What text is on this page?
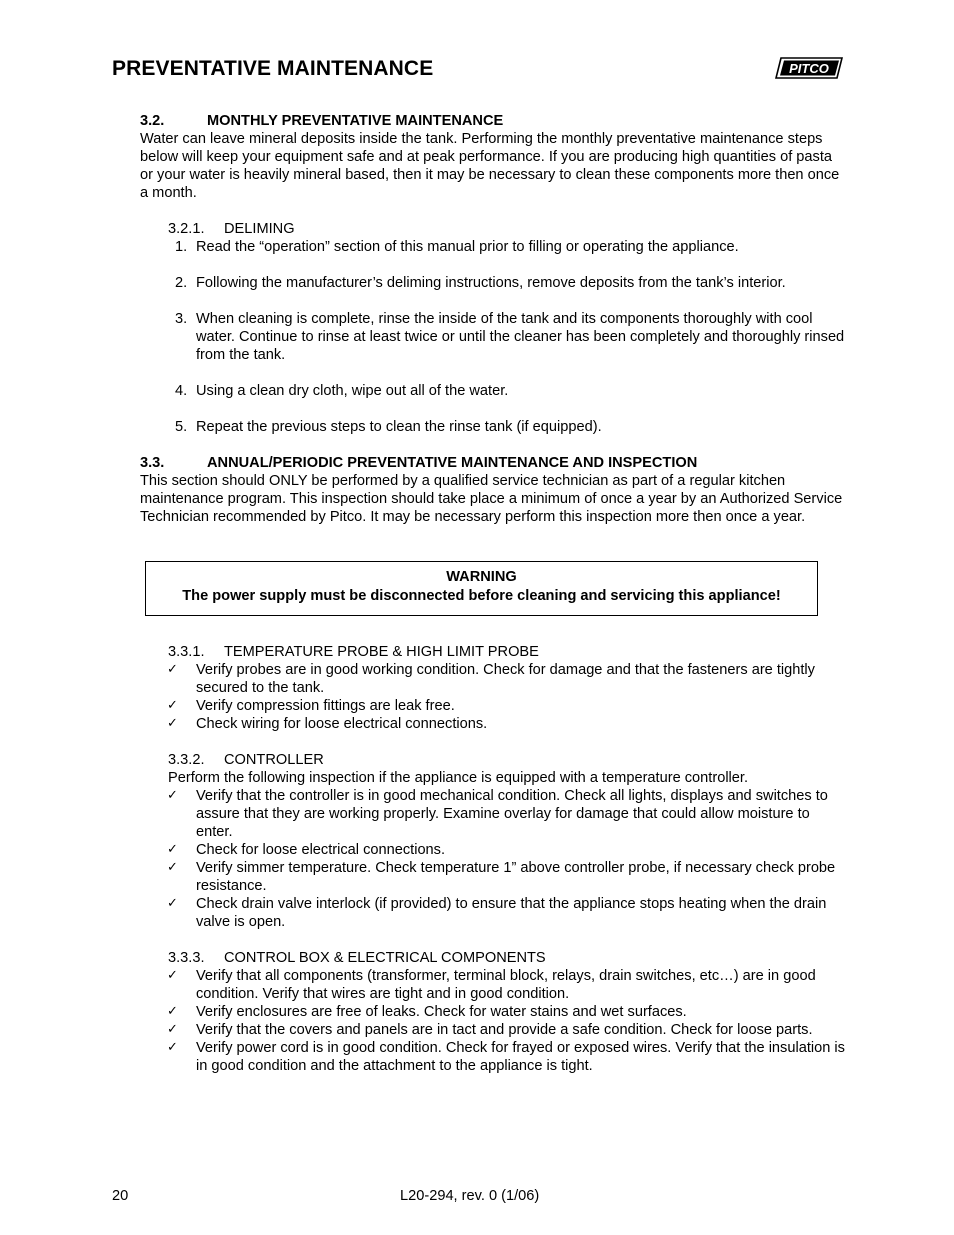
PREVENTATIVE MAINTENANCE	PITCO
3.2.	MONTHLY PREVENTATIVE MAINTENANCE

Water can leave mineral deposits inside the tank. Performing the monthly preventative maintenance steps below will keep your equipment safe and at peak performance. If you are producing high quantities of pasta or your water is heavily mineral based, then it may be necessary to clean these components more then once a month.

3.2.1. DELIMING
1. Read the “operation” section of this manual prior to filling or operating the appliance.
2. Following the manufacturer’s deliming instructions, remove deposits from the tank’s interior.
3. When cleaning is complete, rinse the inside of the tank and its components thoroughly with cool water. Continue to rinse at least twice or until the cleaner has been completely and thoroughly rinsed from the tank.
4. Using a clean dry cloth, wipe out all of the water.
5. Repeat the previous steps to clean the rinse tank (if equipped).
3.3.	ANNUAL/PERIODIC PREVENTATIVE MAINTENANCE AND INSPECTION

This section should ONLY be performed by a qualified service technician as part of a regular kitchen maintenance program. This inspection should take place a minimum of once a year by an Authorized Service Technician recommended by Pitco. It may be necessary perform this inspection more then once a year.

3.3.1. TEMPERATURE PROBE & HIGH LIMIT PROBE
✓ Verify probes are in good working condition. Check for damage and that the fasteners are tightly secured to the tank.
✓ Verify compression fittings are leak free.
✓ Check wiring for loose electrical connections.
3.3.2. CONTROLLER

Perform the following inspection if the appliance is equipped with a temperature controller.

✓ Verify that the controller is in good mechanical condition. Check all lights, displays and switches to assure that they are working properly. Examine overlay for damage that could allow moisture to enter.
✓ Check for loose electrical connections.
✓ Verify simmer temperature. Check temperature 1” above controller probe, if necessary check probe resistance.
✓ Check drain valve interlock (if provided) to ensure that the appliance stops heating when the drain valve is open.
3.3.3. CONTROL BOX & ELECTRICAL COMPONENTS
✓ Verify that all components (transformer, terminal block, relays, drain switches, etc…) are in good condition. Verify that wires are tight and in good condition.
✓ Verify enclosures are free of leaks. Check for water stains and wet surfaces.
✓ Verify that the covers and panels are in tact and provide a safe condition. Check for loose parts.
✓ Verify power cord is in good condition. Check for frayed or exposed wires. Verify that the insulation is in good condition and the attachment to the appliance is tight.
WARNING
The power supply must be disconnected before cleaning and servicing this appliance!
20	L20-294, rev. 0 (1/06)
